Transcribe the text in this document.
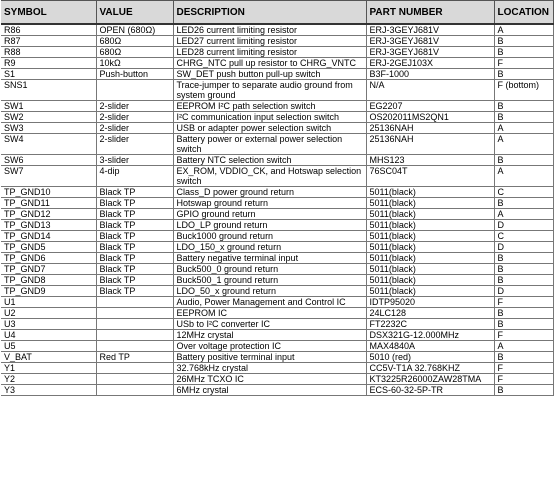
SYMBOL	VALUE	DESCRIPTION	PART NUMBER	LOCATION
R86	OPEN (680Ω)	LED26 current limiting resistor	ERJ-3GEYJ681V	A
R87	680Ω	LED27 current limiting resistor	ERJ-3GEYJ681V	B
R88	680Ω	LED28 current limiting resistor	ERJ-3GEYJ681V	B
R9	10kΩ	CHRG_NTC pull up resistor to CHRG_VNTC	ERJ-2GEJ103X	F
S1	Push-button	SW_DET push button pull-up switch	B3F-1000	B
SNS1		Trace-jumper to separate audio ground from system ground	N/A	F (bottom)
SW1	2-slider	EEPROM I²C path selection switch	EG2207	B
SW2	2-slider	I²C communication input selection switch	OS202011MS2QN1	B
SW3	2-slider	USB or adapter power selection switch	25136NAH	A
SW4	2-slider	Battery power or external power selection switch	25136NAH	A
SW6	3-slider	Battery NTC selection switch	MHS123	B
SW7	4-dip	EX_ROM, VDDIO_CK, and Hotswap selection switch	76SC04T	A
TP_GND10	Black TP	Class_D power ground return	5011(black)	C
TP_GND11	Black TP	Hotswap ground return	5011(black)	B
TP_GND12	Black TP	GPIO ground return	5011(black)	A
TP_GND13	Black TP	LDO_LP ground return	5011(black)	D
TP_GND14	Black TP	Buck1000 ground return	5011(black)	C
TP_GND5	Black TP	LDO_150_x ground return	5011(black)	D
TP_GND6	Black TP	Battery negative terminal input	5011(black)	B
TP_GND7	Black TP	Buck500_0 ground return	5011(black)	B
TP_GND8	Black TP	Buck500_1 ground return	5011(black)	B
TP_GND9	Black TP	LDO_50_x ground return	5011(black)	D
U1		Audio, Power Management and Control IC	IDTP95020	F
U2		EEPROM IC	24LC128	B
U3		USb to I²C converter IC	FT2232C	B
U4		12MHz crystal	DSX321G-12.000MHz	F
U5		Over voltage protection IC	MAX4840A	A
V_BAT	Red TP	Battery positive terminal input	5010 (red)	B
Y1		32.768kHz crystal	CC5V-T1A 32.768KHZ	F
Y2		26MHz TCXO IC	KT3225R26000ZAW28TMA	F
Y3		6MHz crystal	ECS-60-32-5P-TR	B
